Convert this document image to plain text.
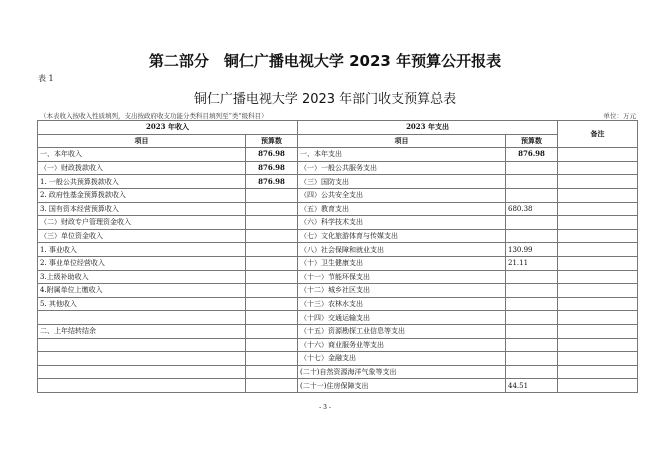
第二部分　铜仁广播电视大学 2023 年预算公开报表
表 1
铜仁广播电视大学 2023 年部门收支预算总表
（本表收入按收入性质填列，支出按政府收支功能分类科目填列至“类”级科目）	单位：万元
2023 年收入		2023 年支出		备注
项目	预算数	项目	预算数	
一、本年收入	876.98	一、本年支出	876.98	
（一）财政拨款收入	876.98	（一）一般公共服务支出		
1. 一般公共预算拨款收入	876.98	（三）国防支出		
2. 政府性基金预算拨款收入		（四）公共安全支出		
3. 国有资本经营预算收入		（五）教育支出	680.38	
（二）财政专户管理资金收入		（六）科学技术支出		
（三）单位资金收入		（七）文化旅游体育与传媒支出		
1. 事业收入		（八）社会保障和就业支出	130.99	
2. 事业单位经营收入		（十）卫生健康支出	21.11	
3.上级补助收入		（十一）节能环保支出		
4.附属单位上缴收入		（十二）城乡社区支出		
5. 其他收入		（十三）农林水支出		
		（十四）交通运输支出		
二、上年结转结余		（十五）资源勘探工业信息等支出		
		（十六）商业服务业等支出		
		（十七）金融支出		
		(二十)自然资源海洋气象等支出		
		(二十一)住房保障支出	44.51	
- 3 -
